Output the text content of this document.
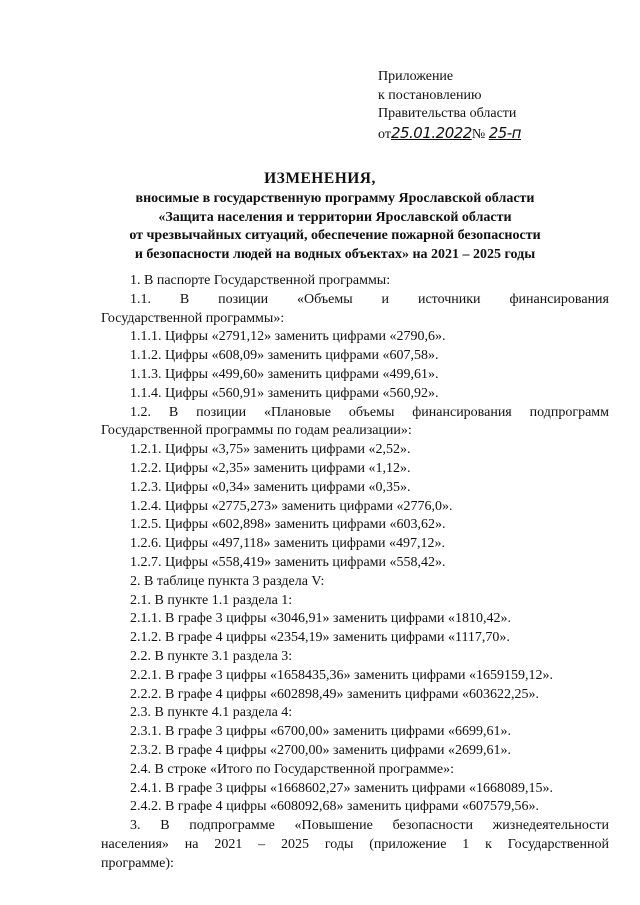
Приложение
к постановлению
Правительства области
от25.01.2022№ 25-п
ИЗМЕНЕНИЯ,
вносимые в государственную программу Ярославской области
«Защита населения и территории Ярославской области
от чрезвычайных ситуаций, обеспечение пожарной безопасности
и безопасности людей на водных объектах» на 2021 – 2025 годы
1. В паспорте Государственной программы:
1.1. В позиции «Объемы и источники финансирования
Государственной программы»:
1.1.1. Цифры «2791,12» заменить цифрами «2790,6».
1.1.2. Цифры «608,09» заменить цифрами «607,58».
1.1.3. Цифры «499,60» заменить цифрами «499,61».
1.1.4. Цифры «560,91» заменить цифрами «560,92».
1.2. В позиции «Плановые объемы финансирования подпрограмм
Государственной программы по годам реализации»:
1.2.1. Цифры «3,75» заменить цифрами «2,52».
1.2.2. Цифры «2,35» заменить цифрами «1,12».
1.2.3. Цифры «0,34» заменить цифрами «0,35».
1.2.4. Цифры «2775,273» заменить цифрами «2776,0».
1.2.5. Цифры «602,898» заменить цифрами «603,62».
1.2.6. Цифры «497,118» заменить цифрами «497,12».
1.2.7. Цифры «558,419» заменить цифрами «558,42».
2. В таблице пункта 3 раздела V:
2.1. В пункте 1.1 раздела 1:
2.1.1. В графе 3 цифры «3046,91» заменить цифрами «1810,42».
2.1.2. В графе 4 цифры «2354,19» заменить цифрами «1117,70».
2.2. В пункте 3.1 раздела 3:
2.2.1. В графе 3 цифры «1658435,36» заменить цифрами «1659159,12».
2.2.2. В графе 4 цифры «602898,49» заменить цифрами «603622,25».
2.3. В пункте 4.1 раздела 4:
2.3.1. В графе 3 цифры «6700,00» заменить цифрами «6699,61».
2.3.2. В графе 4 цифры «2700,00» заменить цифрами «2699,61».
2.4. В строке «Итого по Государственной программе»:
2.4.1. В графе 3 цифры «1668602,27» заменить цифрами «1668089,15».
2.4.2. В графе 4 цифры «608092,68» заменить цифрами «607579,56».
3. В подпрограмме «Повышение безопасности жизнедеятельности
населения» на 2021 – 2025 годы (приложение 1 к Государственной
программе):
